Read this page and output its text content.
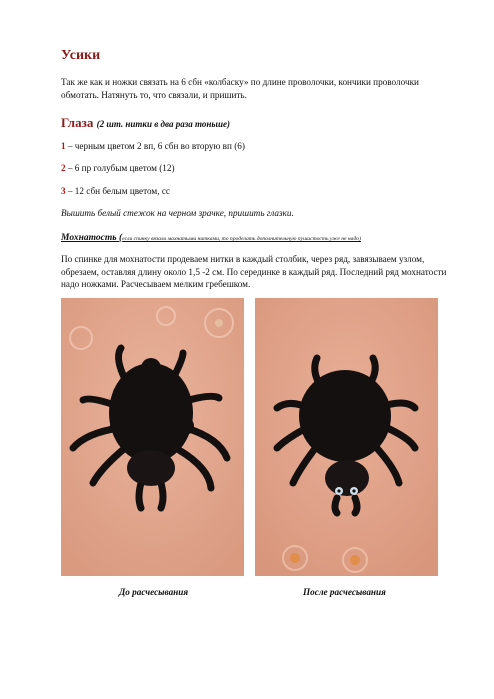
Усики
Так же как и ножки связать на 6 сбн «колбаску» по длине проволочки, кончики проволочки обмотать. Натянуть то, что связали, и пришить.
Глаза (2 шт. нитки в два раза тоньше)
1 – черным цветом 2 вп, 6 сбн во вторую вп (6)
2 – 6 пр голубым цветом (12)
3 – 12 сбн белым цветом, сс
Вышить белый стежок на черном зрачке, пришить глазки.
Мохнатость (если спинку вязали махнатыми нитками, то проделать дополнительную пушистость уже не надо)
По спинке для мохнатости продеваем нитки в каждый столбик, через ряд, завязываем узлом, обрезаем, оставляя длину около 1,5 -2 см. По серединке в каждый ряд. Последний ряд мохнатости надо ножками. Расчесываем мелким гребешком.
До расчесывания	После расчесывания
